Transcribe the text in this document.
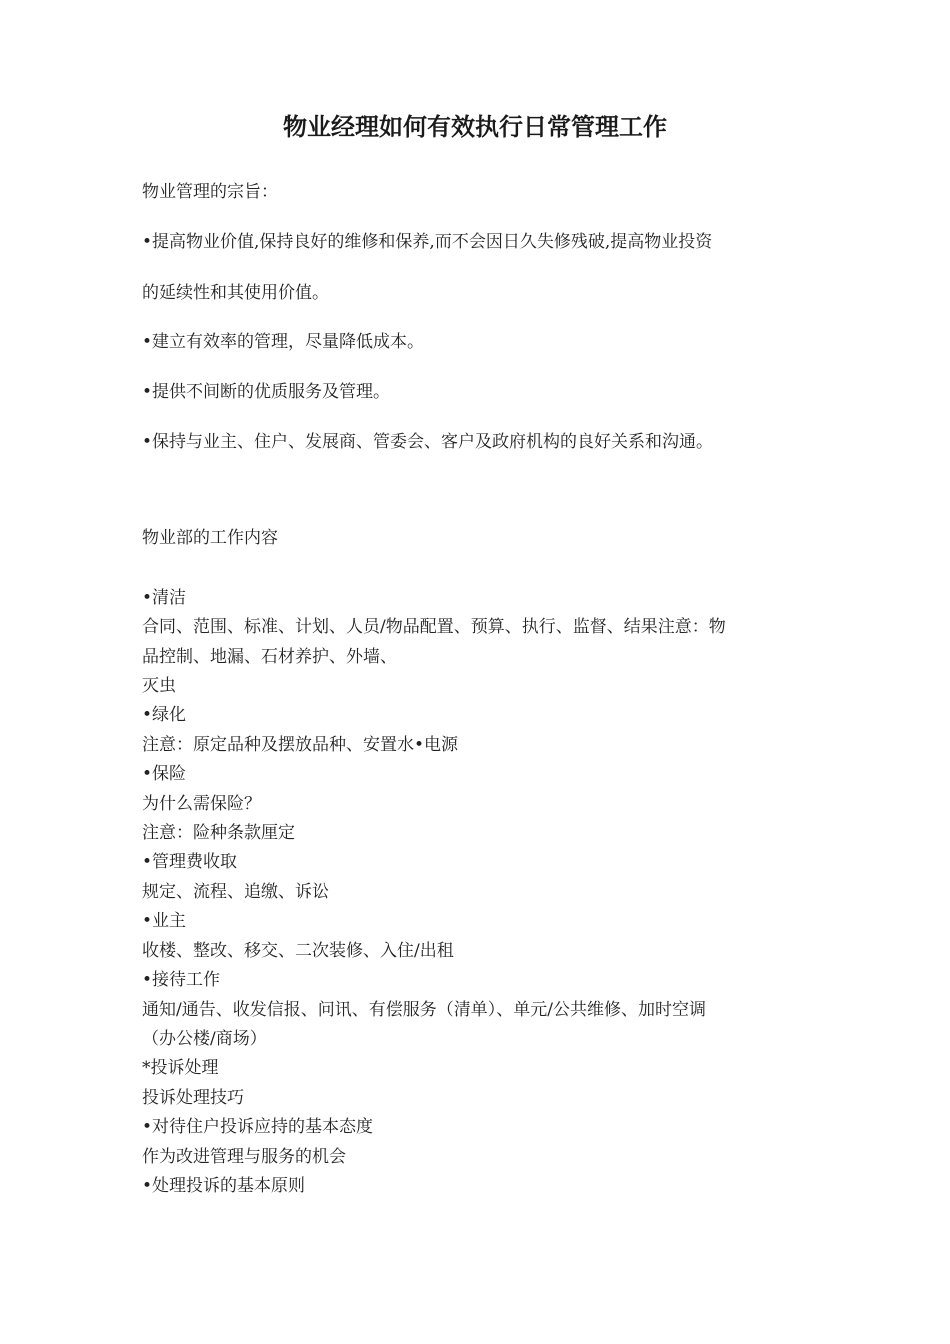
物业经理如何有效执行日常管理工作

物业管理的宗旨：

•提高物业价值,保持良好的维修和保养,而不会因日久失修残破,提高物业投资

的延续性和其使用价值。

•建立有效率的管理，尽量降低成本。

•提供不间断的优质服务及管理。

•保持与业主、住户、发展商、管委会、客户及政府机构的良好关系和沟通。

物业部的工作内容

•清洁

合同、范围、标准、计划、人员/物品配置、预算、执行、监督、结果注意：物

品控制、地漏、石材养护、外墙、

灭虫

•绿化

注意：原定品种及摆放品种、安置水•电源

•保险

为什么需保险？

注意：险种条款厘定

•管理费收取

规定、流程、追缴、诉讼

•业主

收楼、整改、移交、二次装修、入住/出租

•接待工作

通知/通告、收发信报、问讯、有偿服务（清单）、单元/公共维修、加时空调

（办公楼/商场）

*投诉处理

投诉处理技巧

•对待住户投诉应持的基本态度

作为改进管理与服务的机会

•处理投诉的基本原则
